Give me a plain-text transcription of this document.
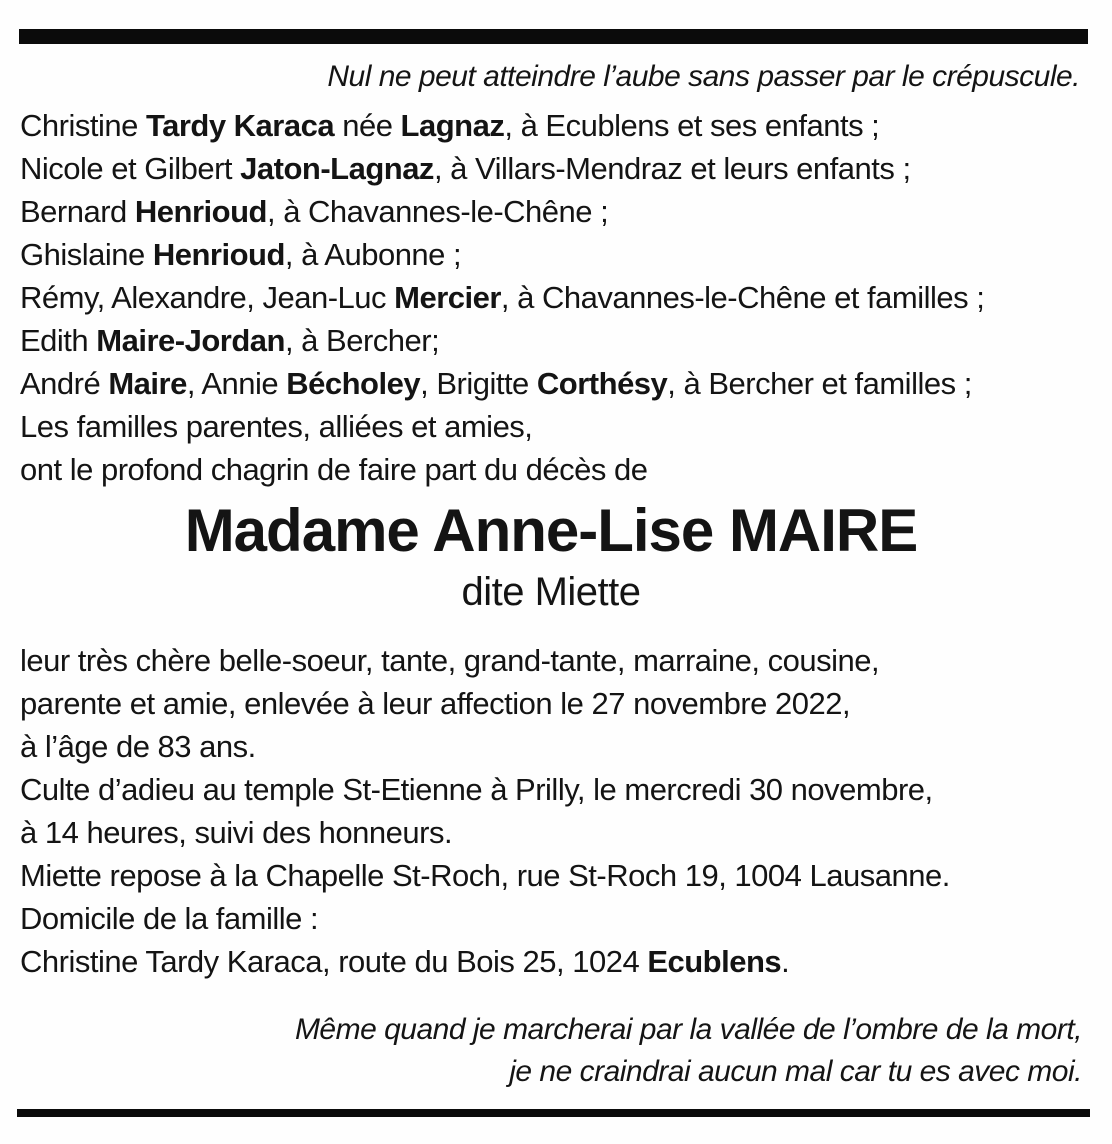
Nul ne peut atteindre l’aube sans passer par le crépuscule.
Christine Tardy Karaca née Lagnaz, à Ecublens et ses enfants ;
Nicole et Gilbert Jaton-Lagnaz, à Villars-Mendraz et leurs enfants ;
Bernard Henrioud, à Chavannes-le-Chêne ;
Ghislaine Henrioud, à Aubonne ;
Rémy, Alexandre, Jean-Luc Mercier, à Chavannes-le-Chêne et familles ;
Edith Maire-Jordan, à Bercher;
André Maire, Annie Bécholey, Brigitte Corthésy, à Bercher et familles ;
Les familles parentes, alliées et amies,
ont le profond chagrin de faire part du décès de
Madame Anne-Lise MAIRE
dite Miette
leur très chère belle-soeur, tante, grand-tante, marraine, cousine,
parente et amie, enlevée à leur affection le 27 novembre 2022,
à l’âge de 83 ans.
Culte d’adieu au temple St-Etienne à Prilly, le mercredi 30 novembre,
à 14 heures, suivi des honneurs.
Miette repose à la Chapelle St-Roch, rue St-Roch 19, 1004 Lausanne.
Domicile de la famille :
Christine Tardy Karaca, route du Bois 25, 1024 Ecublens.
Même quand je marcherai par la vallée de l’ombre de la mort,
je ne craindrai aucun mal car tu es avec moi.
